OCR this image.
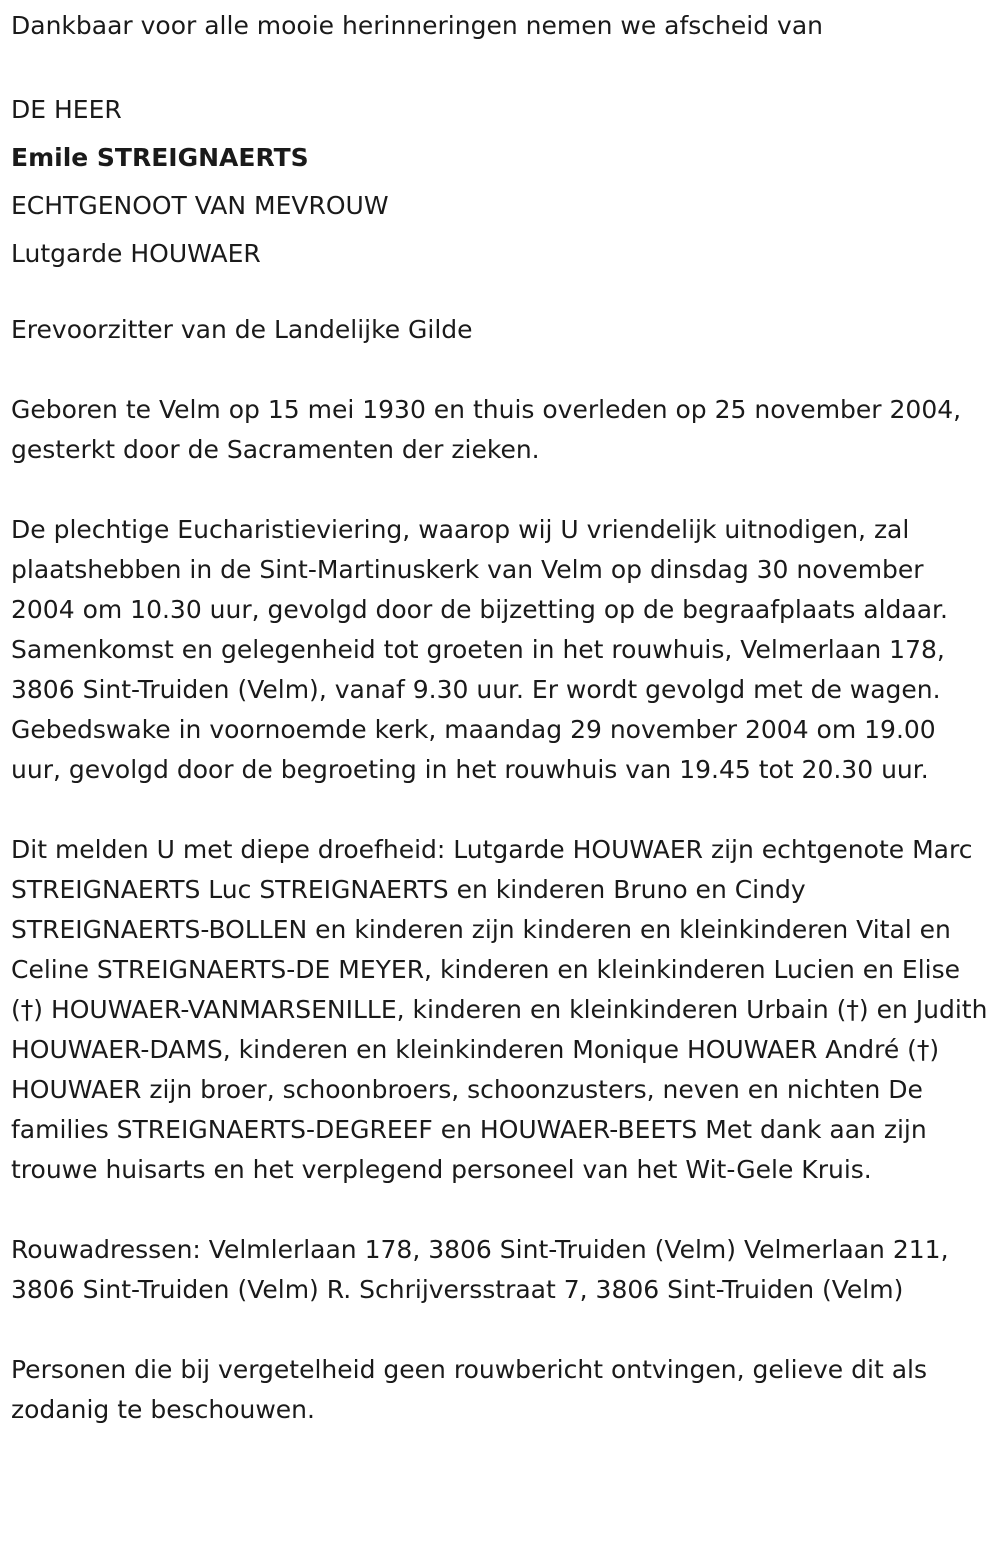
Dankbaar voor alle mooie herinneringen nemen we afscheid van

DE HEER

Emile STREIGNAERTS

ECHTGENOOT VAN MEVROUW

Lutgarde HOUWAER

Erevoorzitter van de Landelijke Gilde

Geboren te Velm op 15 mei 1930 en thuis overleden op 25 november 2004, gesterkt door de Sacramenten der zieken.

De plechtige Eucharistieviering, waarop wij U vriendelijk uitnodigen, zal plaatshebben in de Sint-Martinuskerk van Velm op dinsdag 30 november 2004 om 10.30 uur, gevolgd door de bijzetting op de begraafplaats aldaar. Samenkomst en gelegenheid tot groeten in het rouwhuis, Velmerlaan 178, 3806 Sint-Truiden (Velm), vanaf 9.30 uur. Er wordt gevolgd met de wagen. Gebedswake in voornoemde kerk, maandag 29 november 2004 om 19.00 uur, gevolgd door de begroeting in het rouwhuis van 19.45 tot 20.30 uur.

Dit melden U met diepe droefheid: Lutgarde HOUWAER zijn echtgenote Marc STREIGNAERTS Luc STREIGNAERTS en kinderen Bruno en Cindy STREIGNAERTS-BOLLEN en kinderen zijn kinderen en kleinkinderen Vital en Celine STREIGNAERTS-DE MEYER, kinderen en kleinkinderen Lucien en Elise (†) HOUWAER-VANMARSENILLE, kinderen en kleinkinderen Urbain (†) en Judith HOUWAER-DAMS, kinderen en kleinkinderen Monique HOUWAER André (†) HOUWAER zijn broer, schoonbroers, schoonzusters, neven en nichten De families STREIGNAERTS-DEGREEF en HOUWAER-BEETS Met dank aan zijn trouwe huisarts en het verplegend personeel van het Wit-Gele Kruis.

Rouwadressen: Velmlerlaan 178, 3806 Sint-Truiden (Velm) Velmerlaan 211, 3806 Sint-Truiden (Velm) R. Schrijversstraat 7, 3806 Sint-Truiden (Velm)

Personen die bij vergetelheid geen rouwbericht ontvingen, gelieve dit als zodanig te beschouwen.
